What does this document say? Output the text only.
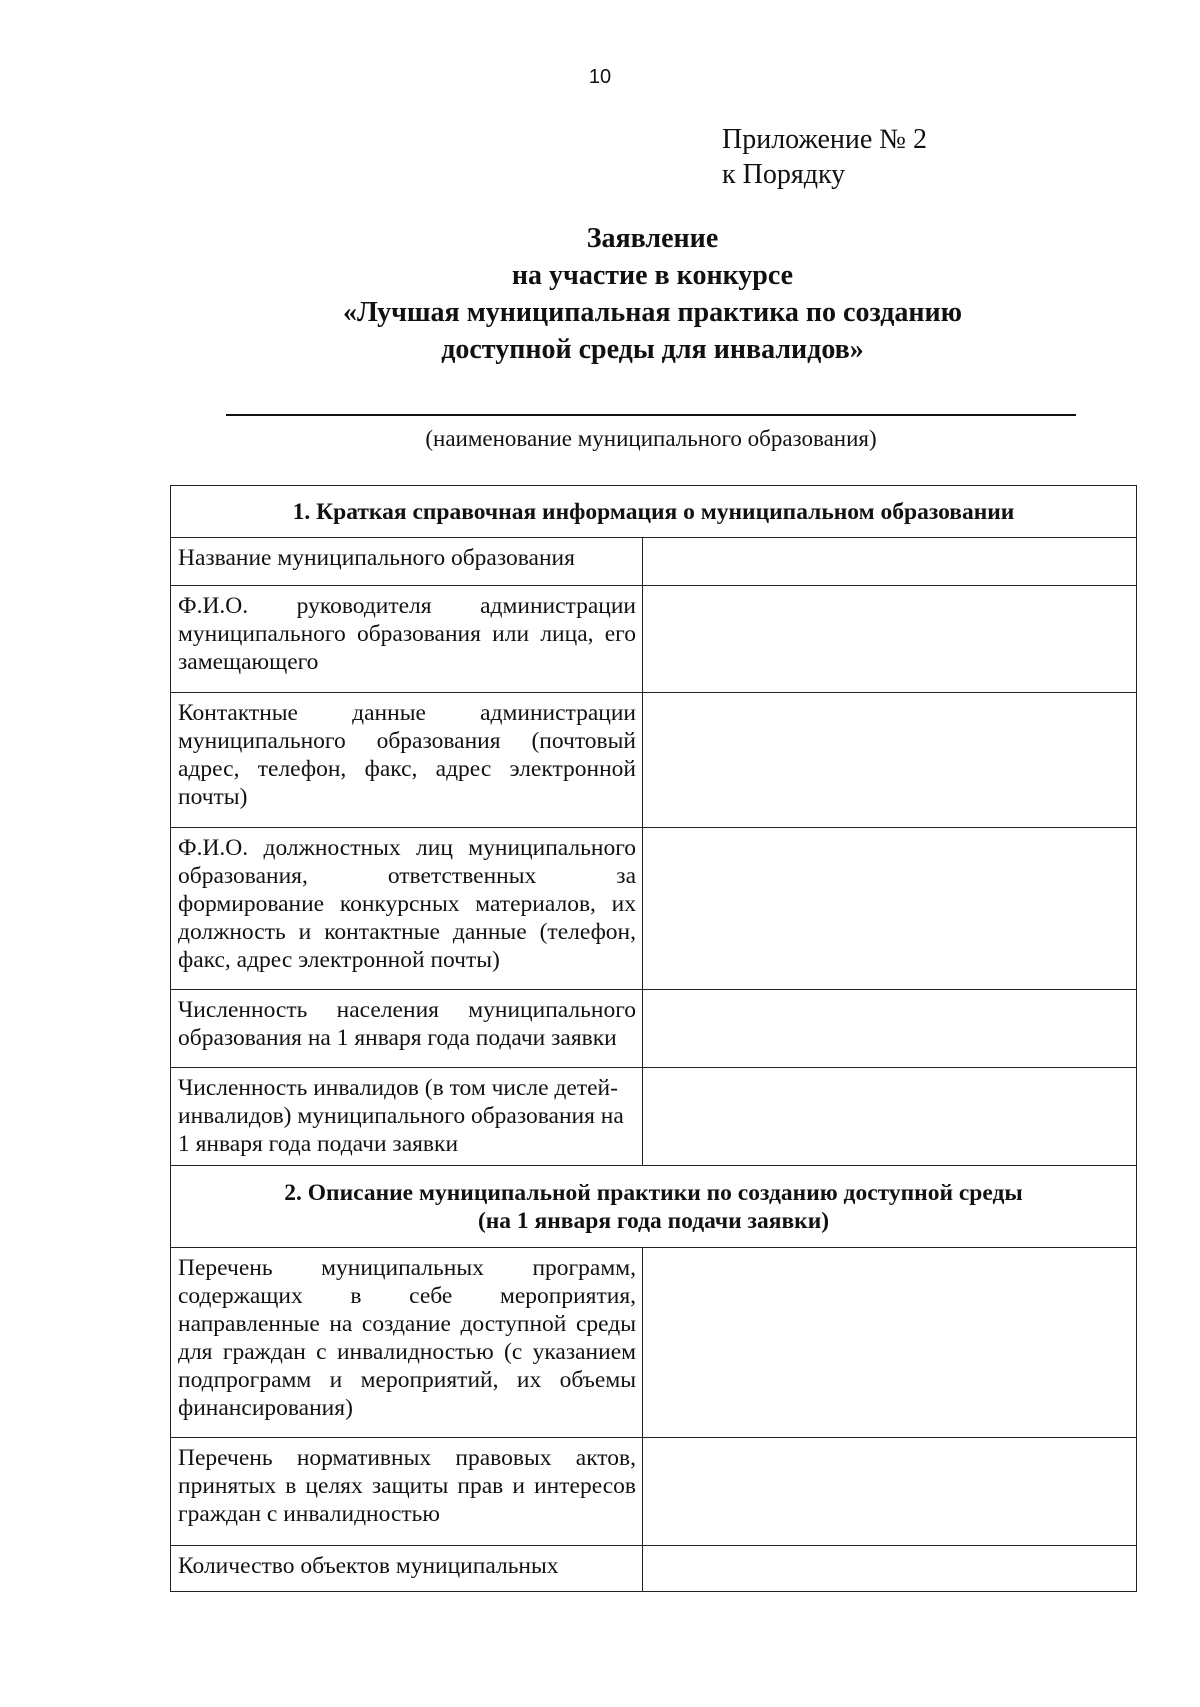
10
Приложение № 2
к Порядку
Заявление
на участие в конкурсе
«Лучшая муниципальная практика по созданию
доступной среды для инвалидов»
(наименование муниципального образования)
1. Краткая справочная информация о муниципальном образовании	
Название муниципального образования	
Ф.И.О. руководителя администрации муниципального образования или лица, его замещающего	
Контактные данные администрации муниципального образования (почтовый адрес, телефон, факс, адрес электронной почты)	
Ф.И.О. должностных лиц муниципального образования, ответственных за формирование конкурсных материалов, их должность и контактные данные (телефон, факс, адрес электронной почты)	
Численность населения муниципального образования на 1 января года подачи заявки	
Численность инвалидов (в том числе детей-инвалидов) муниципального образования на 1 января года подачи заявки	

2. Описание муниципальной практики по созданию доступной среды
(на 1 января года подачи заявки)	

Перечень муниципальных программ, содержащих в себе мероприятия, направленные на создание доступной среды для граждан с инвалидностью (с указанием подпрограмм и мероприятий, их объемы финансирования)	
Перечень нормативных правовых актов, принятых в целях защиты прав и интересов граждан с инвалидностью	
Количество объектов муниципальных	
